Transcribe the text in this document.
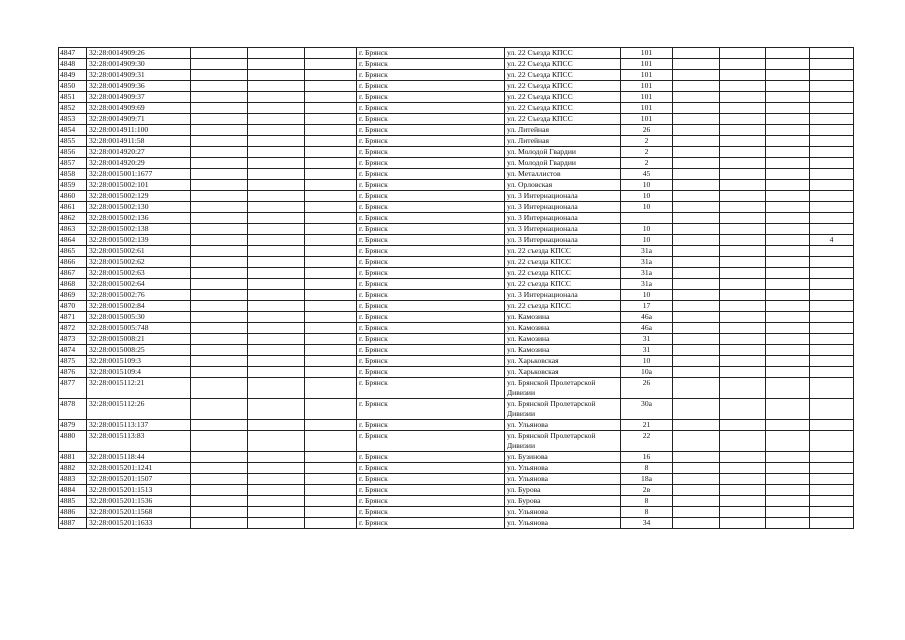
4847	32:28:0014909:26				г. Брянск	ул. 22 Съезда КПСС	101				
4848	32:28:0014909:30				г. Брянск	ул. 22 Съезда КПСС	101				
4849	32:28:0014909:31				г. Брянск	ул. 22 Съезда КПСС	101				
4850	32:28:0014909:36				г. Брянск	ул. 22 Съезда КПСС	101				
4851	32:28:0014909:37				г. Брянск	ул. 22 Съезда КПСС	101				
4852	32:28:0014909:69				г. Брянск	ул. 22 Съезда КПСС	101				
4853	32:28:0014909:71				г. Брянск	ул. 22 Съезда КПСС	101				
4854	32:28:0014911:100				г. Брянск	ул. Литейная	26				
4855	32:28:0014911:58				г. Брянск	ул. Литейная	2				
4856	32:28:0014920:27				г. Брянск	ул. Молодой Гвардии	2				
4857	32:28:0014920:29				г. Брянск	ул. Молодой Гвардии	2				
4858	32:28:0015001:1677				г. Брянск	ул. Металлистов	45				
4859	32:28:0015002:101				г. Брянск	ул. Орловская	10				
4860	32:28:0015002:129				г. Брянск	ул. 3 Интернационала	10				
4861	32:28:0015002:130				г. Брянск	ул. 3 Интернационала	10				
4862	32:28:0015002:136				г. Брянск	ул. 3 Интернационала					
4863	32:28:0015002:138				г. Брянск	ул. 3 Интернационала	10				
4864	32:28:0015002:139				г. Брянск	ул. 3 Интернационала	10				4
4865	32:28:0015002:61				г. Брянск	ул. 22 съезда КПСС	31а				
4866	32:28:0015002:62				г. Брянск	ул. 22 съезда КПСС	31а				
4867	32:28:0015002:63				г. Брянск	ул. 22 съезда КПСС	31а				
4868	32:28:0015002:64				г. Брянск	ул. 22 съезда КПСС	31а				
4869	32:28:0015002:76				г. Брянск	ул. 3 Интернационала	10				
4870	32:28:0015002:84				г. Брянск	ул. 22 съезда КПСС	17				
4871	32:28:0015005:30				г. Брянск	ул. Камозина	46а				
4872	32:28:0015005:748				г. Брянск	ул. Камозина	46а				
4873	32:28:0015008:21				г. Брянск	ул. Камозина	31				
4874	32:28:0015008:25				г. Брянск	ул. Камозина	31				
4875	32:28:0015109:3				г. Брянск	ул. Харьковская	10				
4876	32:28:0015109:4				г. Брянск	ул. Харьковская	10а				
4877	32:28:0015112:21				г. Брянск	ул. Брянской Пролетарской Дивизии	26				
4878	32:28:0015112:26				г. Брянск	ул. Брянской Пролетарской Дивизии	30а				
4879	32:28:0015113:137				г. Брянск	ул. Ульянова	21				
4880	32:28:0015113:83				г. Брянск	ул. Брянской Пролетарской Дивизии	22				
4881	32:28:0015118:44				г. Брянск	ул. Бузинова	16				
4882	32:28:0015201:1241				г. Брянск	ул. Ульянова	8				
4883	32:28:0015201:1507				г. Брянск	ул. Ульянова	18а				
4884	32:28:0015201:1513				г. Брянск	ул. Бурова	2в				
4885	32:28:0015201:1536				г. Брянск	ул. Бурова	8				
4886	32:28:0015201:1568				г. Брянск	ул. Ульянова	8				
4887	32:28:0015201:1633				г. Брянск	ул. Ульянова	34				
